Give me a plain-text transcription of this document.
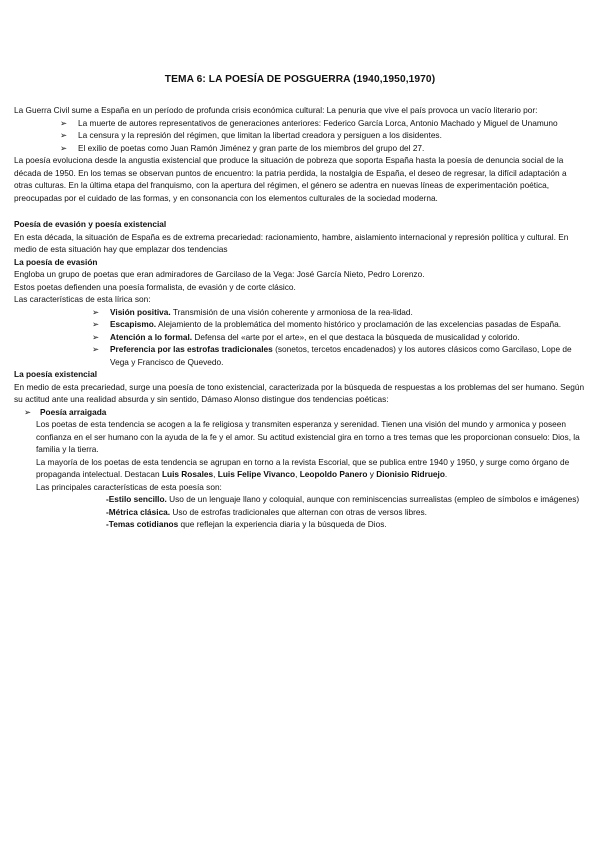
TEMA 6: LA POESÍA DE POSGUERRA (1940,1950,1970)

La Guerra Civil sume a España en un período de profunda crisis económica cultural: La penuria que vive el país provoca un vacío literario por:

➢ La muerte de autores representativos de generaciones anteriores: Federico García Lorca, Antonio Machado y Miguel de Unamuno
➢ La censura y la represión del régimen, que limitan la libertad creadora y persiguen a los disidentes.
➢ El exilio de poetas como Juan Ramón Jiménez y gran parte de los miembros del grupo del 27.

La poesía evoluciona desde la angustia existencial que produce la situación de pobreza que soporta España hasta la poesía de denuncia social de la década de 1950. En los temas se observan puntos de encuentro: la patria perdida, la nostalgia de España, el deseo de regresar, la difícil adaptación a otras culturas. En la última etapa del franquismo, con la apertura del régimen, el género se adentra en nuevas líneas de experimentación poética, preocupadas por el cuidado de las formas, y en consonancia con los elementos culturales de la sociedad moderna.

Poesía de evasión y poesía existencial

En esta década, la situación de España es de extrema precariedad: racionamiento, hambre, aislamiento internacional y represión política y cultural. En medio de esta situación hay que emplazar dos tendencias

La poesía de evasión

Engloba un grupo de poetas que eran admiradores de Garcilaso de la Vega: José García Nieto, Pedro Lorenzo.

Estos poetas defienden una poesía formalista, de evasión y de corte clásico.

Las características de esta lírica son:

➢ Visión positiva. Transmisión de una visión coherente y armoniosa de la rea-lidad.
➢ Escapismo. Alejamiento de la problemática del momento histórico y proclamación de las excelencias pasadas de España.
➢ Atención a lo formal. Defensa del «arte por el arte», en el que destaca la búsqueda de musicalidad y colorido.
➢ Preferencia por las estrofas tradicionales (sonetos, tercetos encadenados) y los autores clásicos como Garcilaso, Lope de Vega y Francisco de Quevedo.

La poesía existencial

En medio de esta precariedad, surge una poesía de tono existencial, caracterizada por la búsqueda de respuestas a los problemas del ser humano. Según su actitud ante una realidad absurda y sin sentido, Dámaso Alonso distingue dos tendencias poéticas:

➢ Poesía arraigada

Los poetas de esta tendencia se acogen a la fe religiosa y transmiten esperanza y serenidad. Tienen una visión del mundo y armonica y poseen confianza en el ser humano con la ayuda de la fe y el amor. Su actitud existencial gira en torno a tres temas que les proporcionan consuelo: Dios, la familia y la tierra.

La mayoría de los poetas de esta tendencia se agrupan en torno a la revista Escorial, que se publica entre 1940 y 1950, y surge como órgano de propaganda intelectual. Destacan Luis Rosales, Luis Felipe Vivanco, Leopoldo Panero y Dionisio Ridruejo.

Las principales características de esta poesía son:

-Estilo sencillo. Uso de un lenguaje llano y coloquial, aunque con reminiscencias surrealistas (empleo de símbolos e imágenes)

-Métrica clásica. Uso de estrofas tradicionales que alternan con otras de versos libres.

-Temas cotidianos que reflejan la experiencia diaria y la búsqueda de Dios.
